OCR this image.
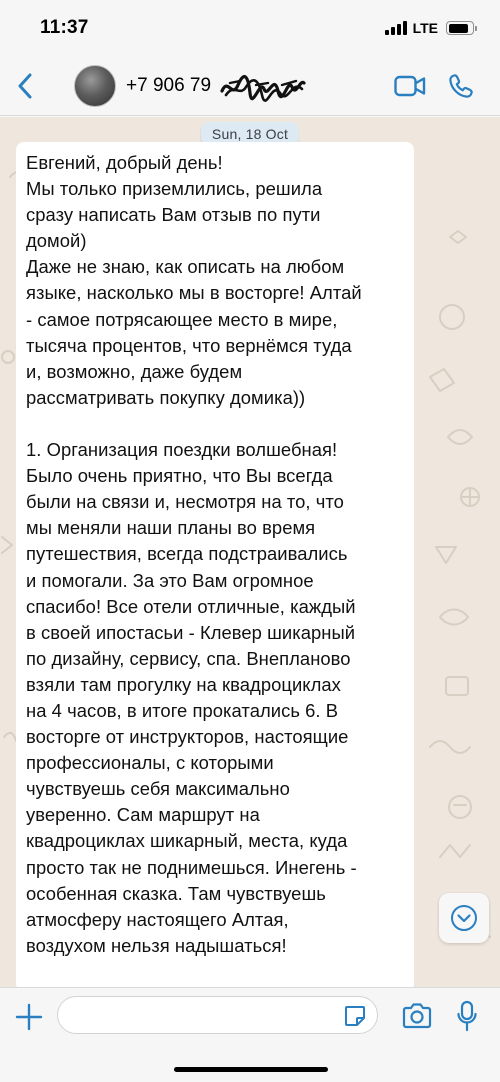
11:37	LTE
+7 906 79
Sun, 18 Oct
Евгений, добрый день!
Мы только приземлились, решила
сразу написать Вам отзыв по пути
домой)
Даже не знаю, как описать на любом
языке, насколько мы в восторге! Алтай
- самое потрясающее место в мире,
тысяча процентов, что вернёмся туда
и, возможно, даже будем
рассматривать покупку домика))

1. Организация поездки волшебная!
Было очень приятно, что Вы всегда
были на связи и, несмотря на то, что
мы меняли наши планы во время
путешествия, всегда подстраивались
и помогали. За это Вам огромное
спасибо! Все отели отличные, каждый
в своей ипостасьи - Клевер шикарный
по дизайну, сервису, спа. Внепланово
взяли там прогулку на квадроциклах
на 4 часов, в итоге прокатались 6. В
восторге от инструкторов, настоящие
профессионалы, с которыми
чувствуешь себя максимально
уверенно. Сам маршрут на
квадроциклах шикарный, места, куда
просто так не поднимешься. Инегень -
особенная сказка. Там чувствуешь
атмосферу настоящего Алтая,
воздухом нельзя надышаться!
